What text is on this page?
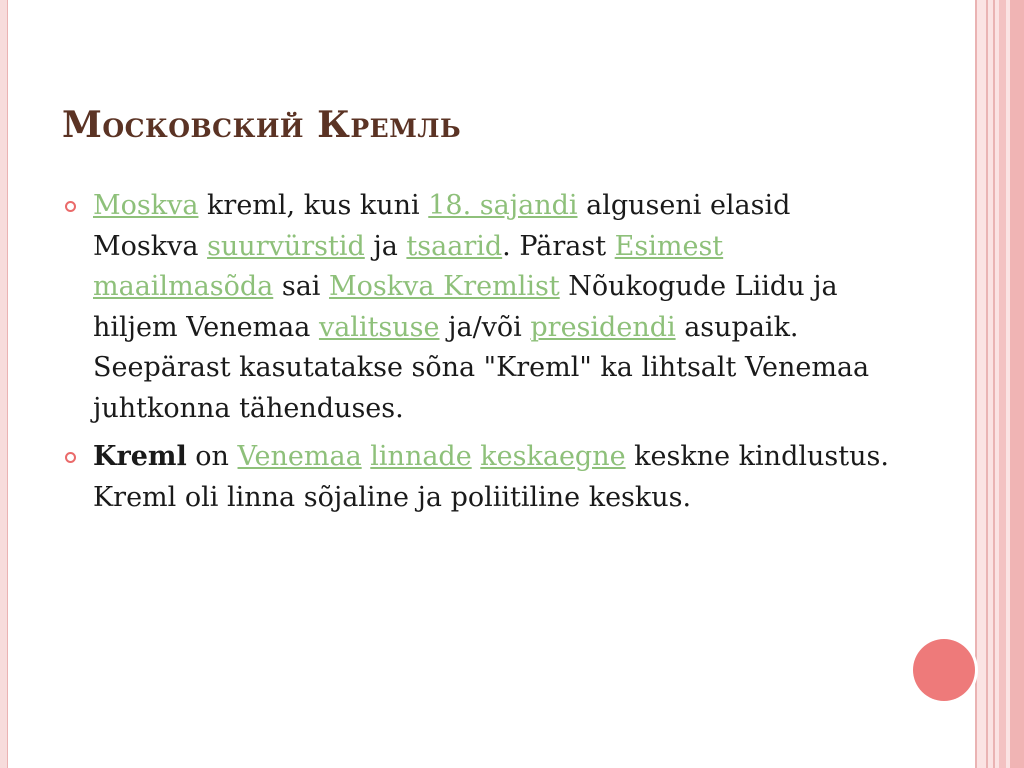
Московский Кремль
Moskva kreml, kus kuni 18. sajandi alguseni elasid Moskva suurvürstid ja tsaarid. Pärast Esimest maailmasõda sai Moskva Kremlist Nõukogude Liidu ja hiljem Venemaa valitsuse ja/või presidendi asupaik. Seepärast kasutatakse sõna "Kreml" ka lihtsalt Venemaa juhtkonna tähenduses.
Kreml on Venemaa linnade keskaegne keskne kindlustus. Kreml oli linna sõjaline ja poliitiline keskus.
